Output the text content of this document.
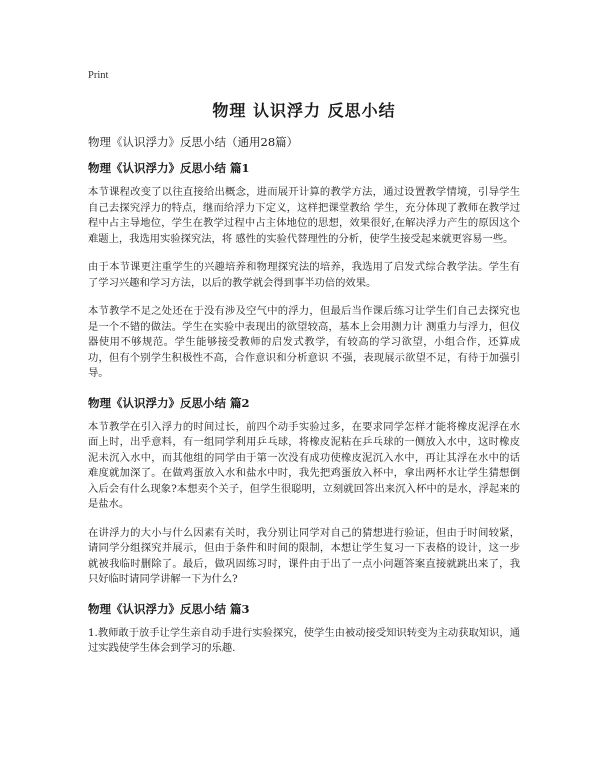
Print
物理 认识浮力 反思小结
物理《认识浮力》反思小结（通用28篇）
物理《认识浮力》反思小结 篇1

本节课程改变了以往直接给出概念，进而展开计算的教学方法，通过设置教学情境，引导学生自己去探究浮力的特点，继而给浮力下定义，这样把课堂教给 学生，充分体现了教师在教学过程中占主导地位，学生在教学过程中占主体地位的思想，效果很好,在解决浮力产生的原因这个难题上，我选用实验探究法，将 感性的实验代替理性的分析，使学生接受起来就更容易一些。

由于本节课更注重学生的兴趣培养和物理探究法的培养，我选用了启发式综合教学法。学生有了学习兴趣和学习方法，以后的教学就会得到事半功倍的效果。

本节教学不足之处还在于没有涉及空气中的浮力，但最后当作课后练习让学生们自己去探究也是一个不错的做法。学生在实验中表现出的欲望较高，基本上会用测力计 测重力与浮力，但仪器使用不够规范。学生能够接受教师的启发式教学，有较高的学习欲望，小组合作，还算成功，但有个别学生积极性不高，合作意识和分析意识 不强，表现展示欲望不足，有待于加强引导。

物理《认识浮力》反思小结 篇2

本节教学在引入浮力的时间过长，前四个动手实验过多，在要求同学怎样才能将橡皮泥浮在水面上时，出乎意料，有一组同学利用乒乓球，将橡皮泥粘在乒乓球的一侧放入水中，这时橡皮泥未沉入水中，而其他组的同学由于第一次没有成功使橡皮泥沉入水中，再让其浮在水中的话难度就加深了。在做鸡蛋放入水和盐水中时，我先把鸡蛋放入杯中，拿出两杯水让学生猜想倒入后会有什么现象?本想卖个关子，但学生很聪明，立刻就回答出来沉入杯中的是水，浮起来的是盐水。

在讲浮力的大小与什么因素有关时，我分别让同学对自己的猜想进行验证，但由于时间较紧，请同学分组探究并展示，但由于条件和时间的限制，本想让学生复习一下表格的设计，这一步就被我临时删除了。最后，做巩固练习时，课件由于出了一点小问题答案直接就跳出来了，我只好临时请同学讲解一下为什么?

物理《认识浮力》反思小结 篇3

1.教师敢于放手让学生亲自动手进行实验探究，使学生由被动接受知识转变为主动获取知识，通过实践使学生体会到学习的乐趣.
